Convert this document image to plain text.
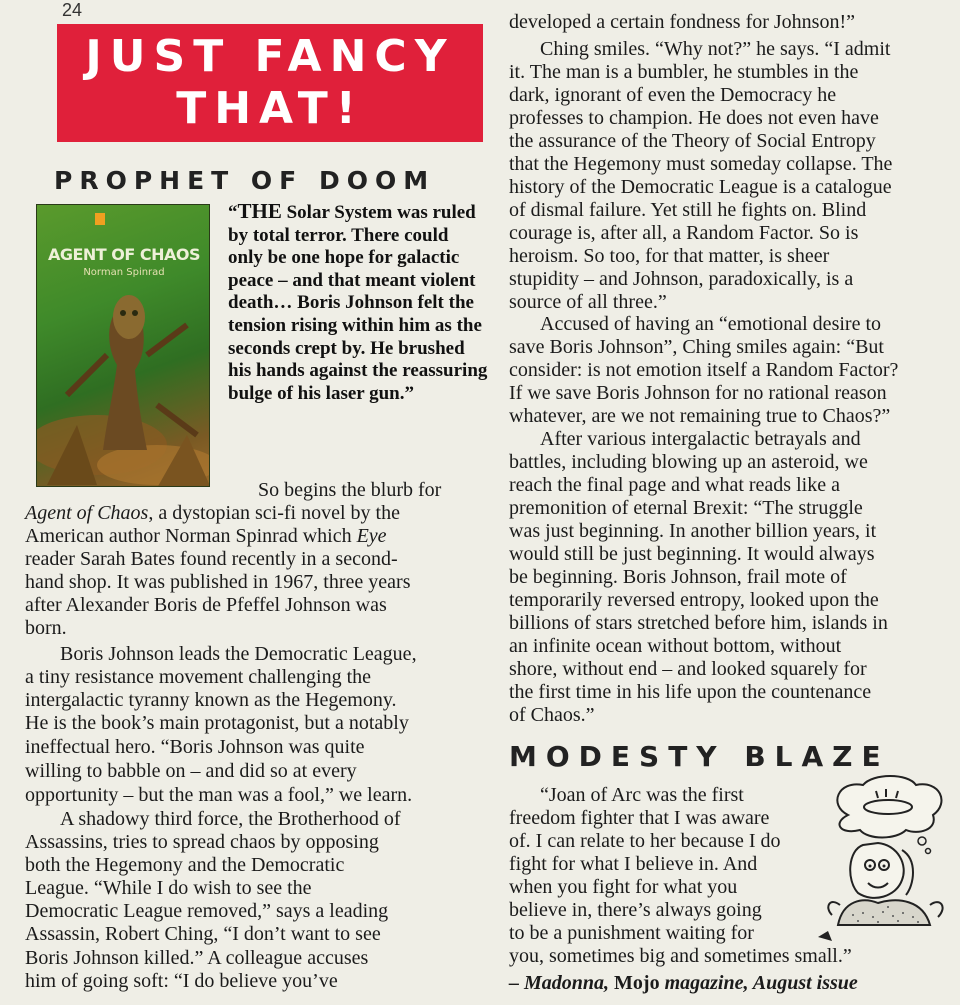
24
JUST FANCY
THAT!
PROPHET OF DOOM
AGENT OF CHAOS
Norman Spinrad
“THE Solar System was ruled by total terror. There could only be one hope for galactic peace – and that meant violent death… Boris Johnson felt the tension rising within him as the seconds crept by. He brushed his hands against the reassuring bulge of his laser gun.”
So begins the blurb for
Agent of Chaos, a dystopian sci-fi novel by the
American author Norman Spinrad which Eye
reader Sarah Bates found recently in a second-
hand shop. It was published in 1967, three years
after Alexander Boris de Pfeffel Johnson was
born.
Boris Johnson leads the Democratic League,
a tiny resistance movement challenging the
intergalactic tyranny known as the Hegemony.
He is the book’s main protagonist, but a notably
ineffectual hero. “Boris Johnson was quite
willing to babble on – and did so at every
opportunity – but the man was a fool,” we learn.
A shadowy third force, the Brotherhood of
Assassins, tries to spread chaos by opposing
both the Hegemony and the Democratic
League. “While I do wish to see the
Democratic League removed,” says a leading
Assassin, Robert Ching, “I don’t want to see
Boris Johnson killed.” A colleague accuses
him of going soft: “I do believe you’ve
developed a certain fondness for Johnson!”
Ching smiles. “Why not?” he says. “I admit
it. The man is a bumbler, he stumbles in the
dark, ignorant of even the Democracy he
professes to champion. He does not even have
the assurance of the Theory of Social Entropy
that the Hegemony must someday collapse. The
history of the Democratic League is a catalogue
of dismal failure. Yet still he fights on. Blind
courage is, after all, a Random Factor. So is
heroism. So too, for that matter, is sheer
stupidity – and Johnson, paradoxically, is a
source of all three.”
Accused of having an “emotional desire to
save Boris Johnson”, Ching smiles again: “But
consider: is not emotion itself a Random Factor?
If we save Boris Johnson for no rational reason
whatever, are we not remaining true to Chaos?”
After various intergalactic betrayals and
battles, including blowing up an asteroid, we
reach the final page and what reads like a
premonition of eternal Brexit: “The struggle
was just beginning. In another billion years, it
would still be just beginning. It would always
be beginning. Boris Johnson, frail mote of
temporarily reversed entropy, looked upon the
billions of stars stretched before him, islands in
an infinite ocean without bottom, without
shore, without end – and looked squarely for
the first time in his life upon the countenance
of Chaos.”
MODESTY BLAZE
“Joan of Arc was the first
freedom fighter that I was aware
of. I can relate to her because I do
fight for what I believe in. And
when you fight for what you
believe in, there’s always going
to be a punishment waiting for
you, sometimes big and sometimes small.”
– Madonna, Mojo magazine, August issue
